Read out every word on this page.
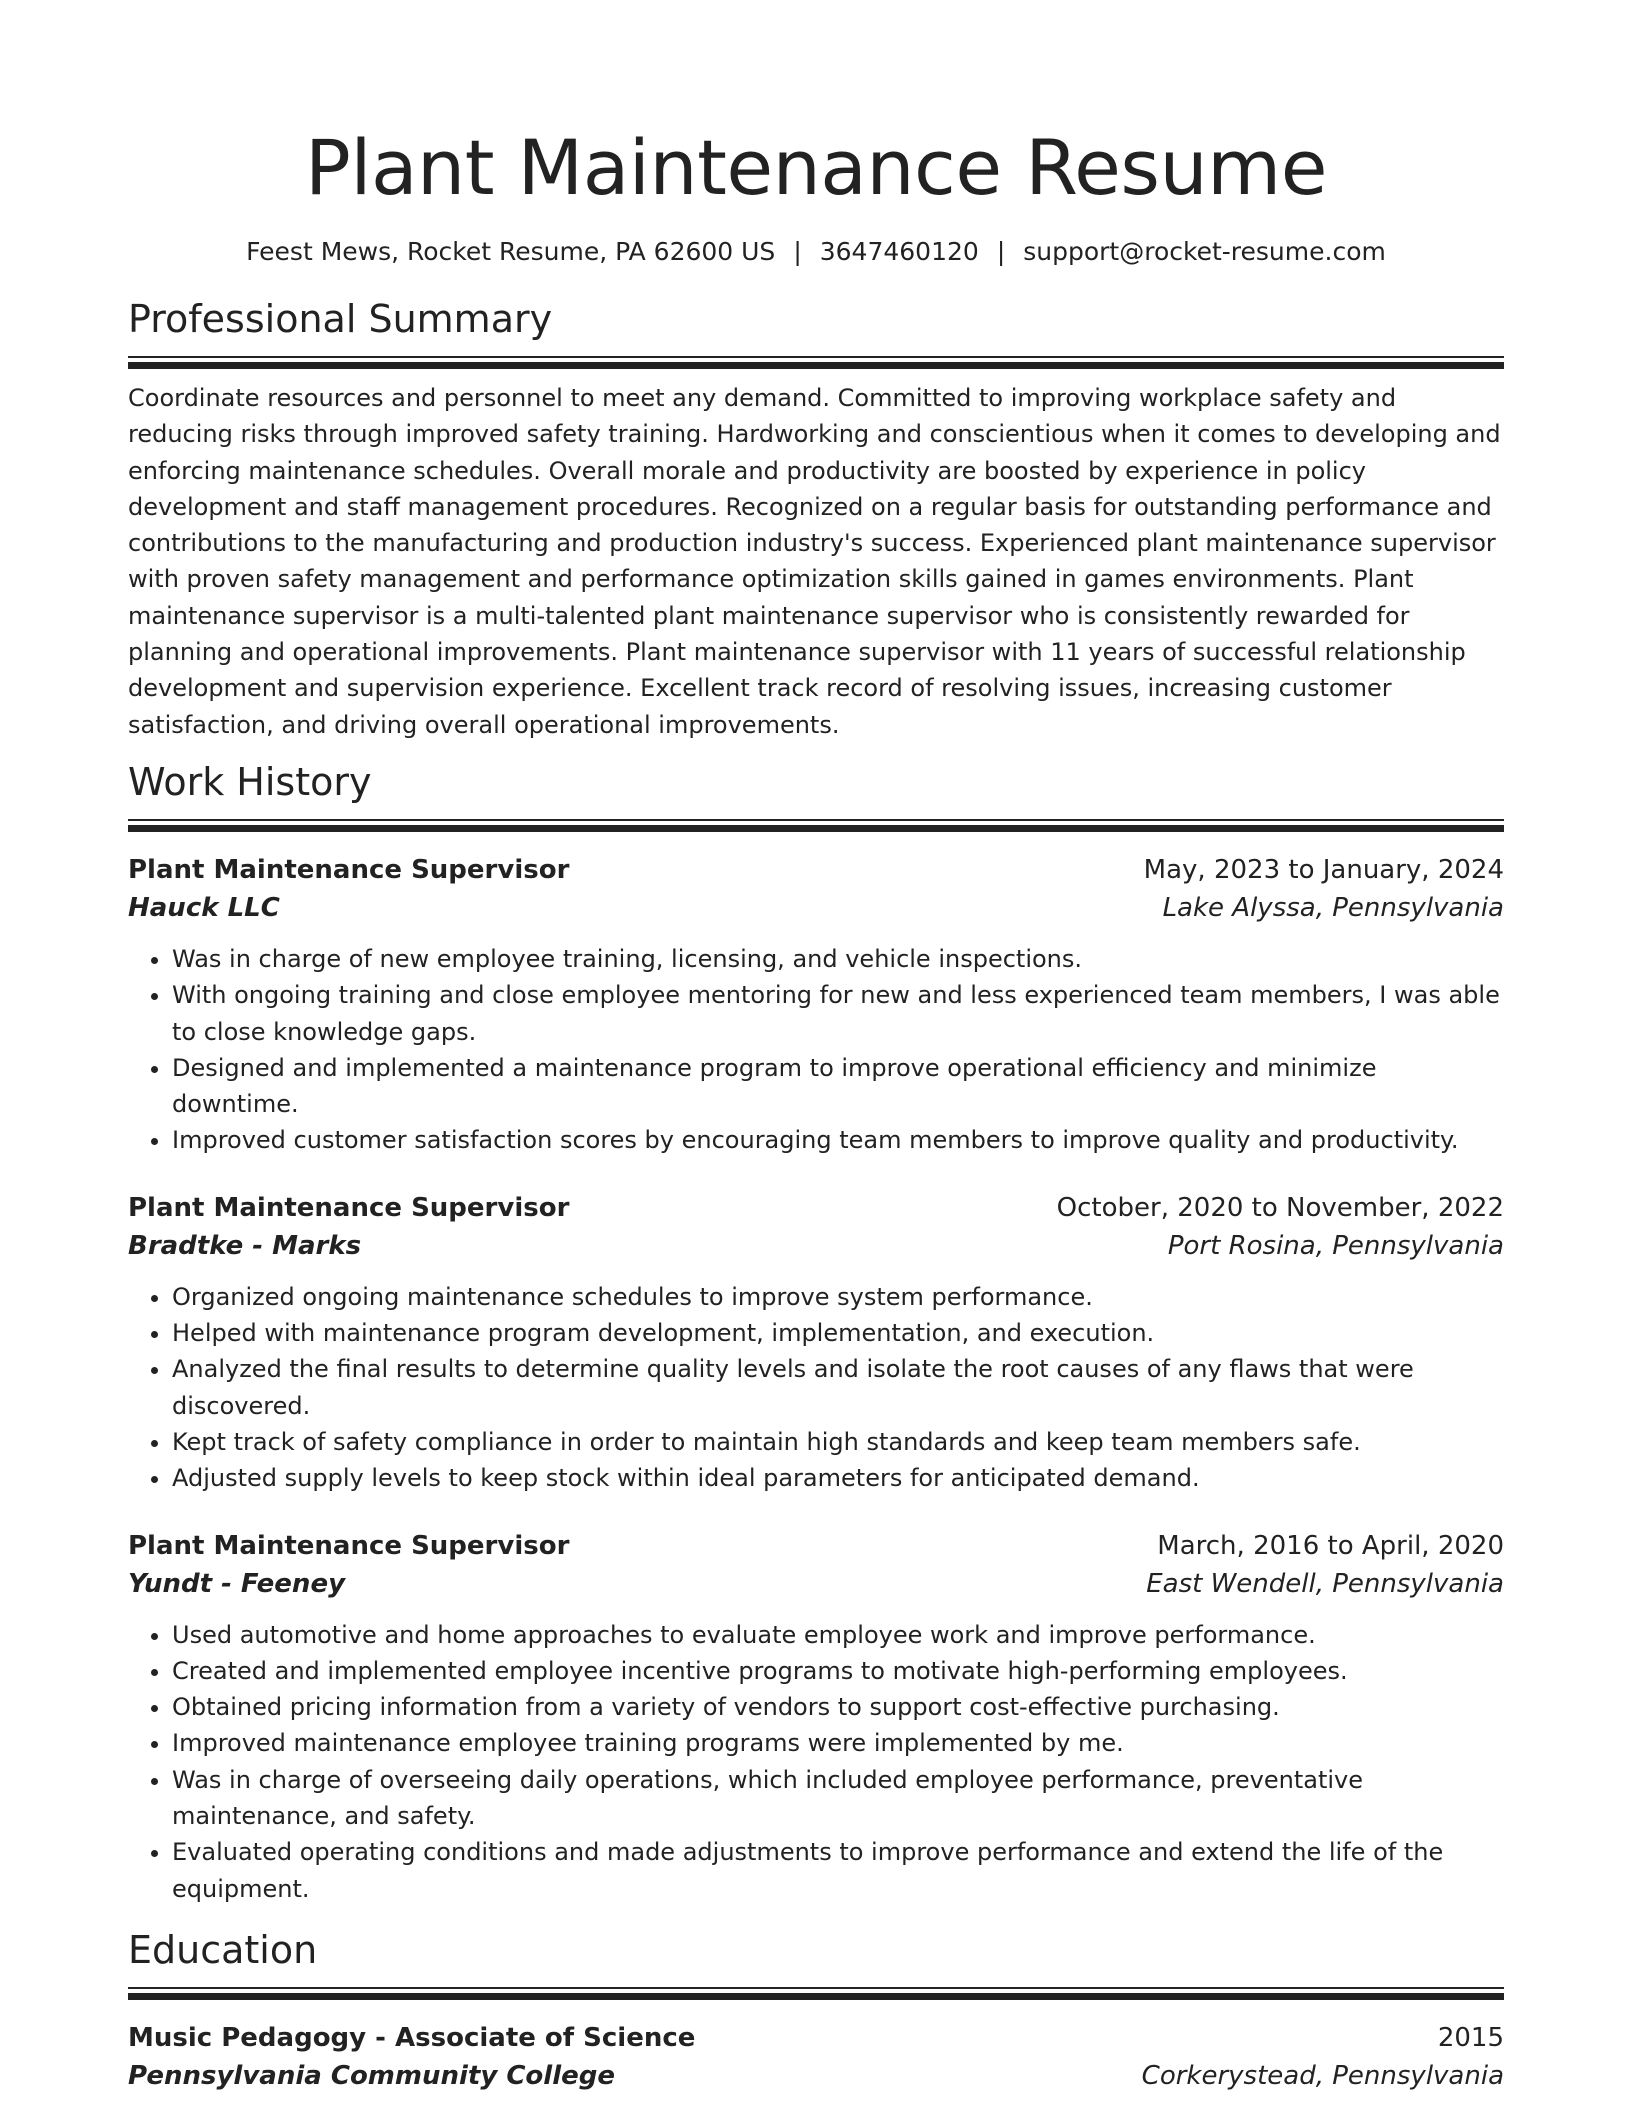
Plant Maintenance Resume
Feest Mews, Rocket Resume, PA 62600 US | 3647460120 | support@rocket-resume.com
Professional Summary

Coordinate resources and personnel to meet any demand. Committed to improving workplace safety and reducing risks through improved safety training. Hardworking and conscientious when it comes to developing and enforcing maintenance schedules. Overall morale and productivity are boosted by experience in policy development and staff management procedures. Recognized on a regular basis for outstanding performance and contributions to the manufacturing and production industry's success. Experienced plant maintenance supervisor with proven safety management and performance optimization skills gained in games environments. Plant maintenance supervisor is a multi-talented plant maintenance supervisor who is consistently rewarded for planning and operational improvements. Plant maintenance supervisor with 11 years of successful relationship development and supervision experience. Excellent track record of resolving issues, increasing customer satisfaction, and driving overall operational improvements.

Work History
Plant Maintenance Supervisor	May, 2023 to January, 2024
Hauck LLC	Lake Alyssa, Pennsylvania
• Was in charge of new employee training, licensing, and vehicle inspections.
• With ongoing training and close employee mentoring for new and less experienced team members, I was able to close knowledge gaps.
• Designed and implemented a maintenance program to improve operational efficiency and minimize downtime.
• Improved customer satisfaction scores by encouraging team members to improve quality and productivity.
Plant Maintenance Supervisor	October, 2020 to November, 2022
Bradtke - Marks	Port Rosina, Pennsylvania
• Organized ongoing maintenance schedules to improve system performance.
• Helped with maintenance program development, implementation, and execution.
• Analyzed the final results to determine quality levels and isolate the root causes of any flaws that were discovered.
• Kept track of safety compliance in order to maintain high standards and keep team members safe.
• Adjusted supply levels to keep stock within ideal parameters for anticipated demand.
Plant Maintenance Supervisor	March, 2016 to April, 2020
Yundt - Feeney	East Wendell, Pennsylvania
• Used automotive and home approaches to evaluate employee work and improve performance.
• Created and implemented employee incentive programs to motivate high-performing employees.
• Obtained pricing information from a variety of vendors to support cost-effective purchasing.
• Improved maintenance employee training programs were implemented by me.
• Was in charge of overseeing daily operations, which included employee performance, preventative maintenance, and safety.
• Evaluated operating conditions and made adjustments to improve performance and extend the life of the equipment.
Education
Music Pedagogy - Associate of Science	2015
Pennsylvania Community College	Corkerystead, Pennsylvania
